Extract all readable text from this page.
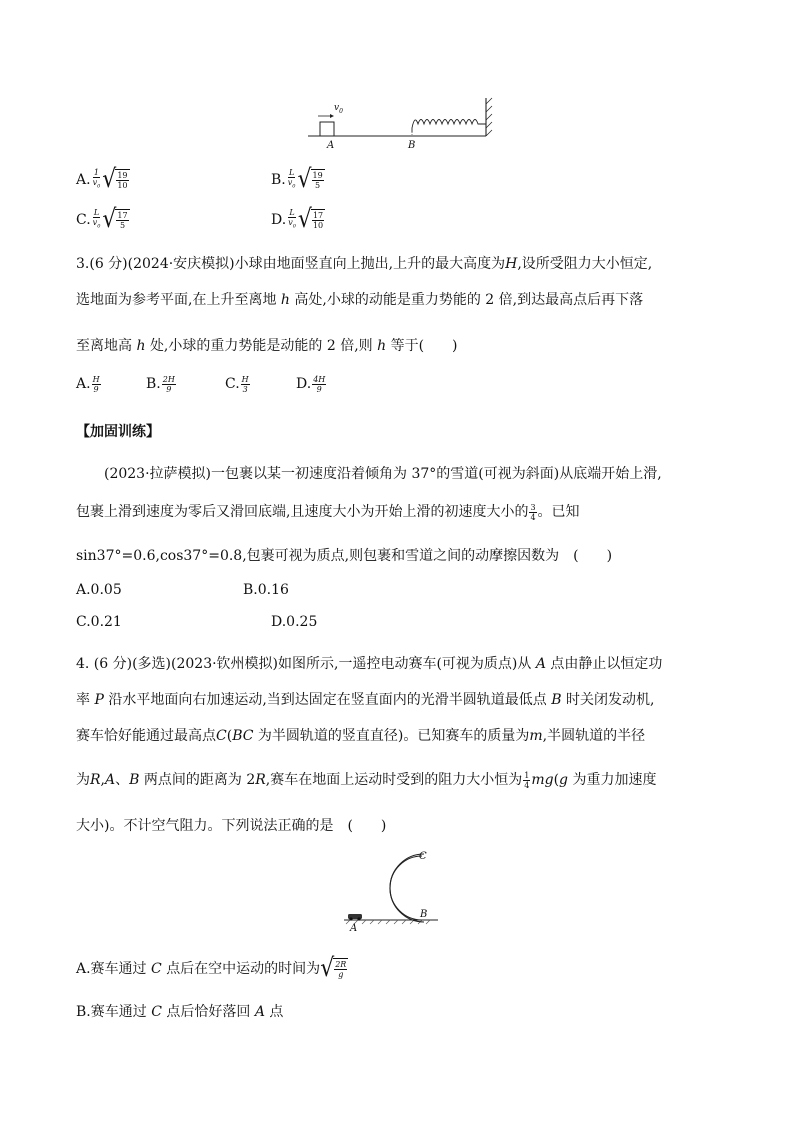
$v_0$
A	B
A. $\frac{1}{v_0}$ √ $\frac{19}{10}$	B. $\frac{L}{v_0}$ √ $\frac{19}{5}$
C. $\frac{L}{v_0}$ √ $\frac{17}{5}$	D. $\frac{L}{v_0}$ √ $\frac{17}{10}$
3.(6 分)(2024·安庆模拟)小球由地面竖直向上抛出,上升的最大高度为H,设所受阻力大小恒定,
选地面为参考平面,在上升至离地 h 高处,小球的动能是重力势能的 2 倍,到达最高点后再下落
至离地高 h 处,小球的重力势能是动能的 2 倍,则 h 等于(　　)
A. $\frac{H}{9}$	B. $\frac{2H}{9}$	C. $\frac{H}{3}$	D. $\frac{4H}{9}$
【加固训练】
(2023·拉萨模拟)一包裹以某一初速度沿着倾角为 37°的雪道(可视为斜面)从底端开始上滑,
包裹上滑到速度为零后又滑回底端,且速度大小为开始上滑的初速度大小的 $\frac{3}{4}$ 。已知
sin37°=0.6,cos37°=0.8,包裹可视为质点,则包裹和雪道之间的动摩擦因数为　(　　)
A.0.05	B.0.16
C.0.21	D.0.25
4. (6 分)(多选)(2023·钦州模拟)如图所示,一遥控电动赛车(可视为质点)从 A 点由静止以恒定功
率 P 沿水平地面向右加速运动,当到达固定在竖直面内的光滑半圆轨道最低点 B 时关闭发动机,
赛车恰好能通过最高点C(BC 为半圆轨道的竖直直径)。已知赛车的质量为m,半圆轨道的半径
为 R , A 、 B
两点间的距离为 2 R ,赛车在地面上运动时受到的阻力大小恒为 $\frac{1}{4}$ mg ( g
为重力加速度
大小)。不计空气阻力。下列说法正确的是　(　　)
C
B
A
A.赛车通过
C
点后在空中运动的时间为 √ $\frac{2R}{g}$
B.赛车通过 C 点后恰好落回 A 点
